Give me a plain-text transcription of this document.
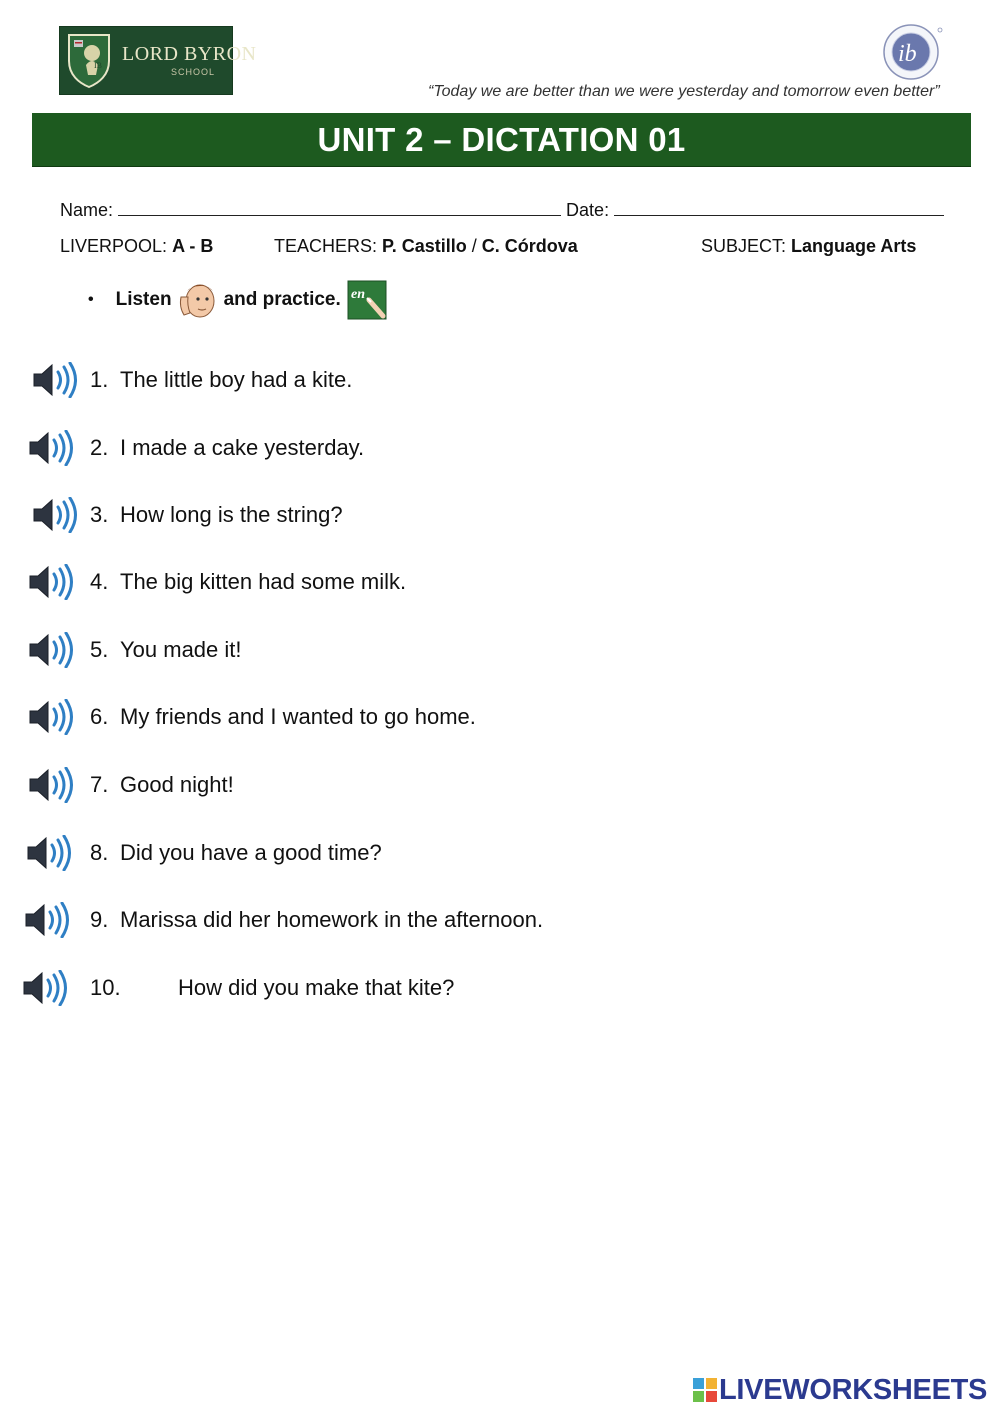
IB
LORD BYRON
SCHOOL
ib
“Today we are better than we were yesterday and tomorrow even better”
UNIT 2 – DICTATION 01
Name:	Date:
LIVERPOOL: A - B	TEACHERS: P. Castillo / C. Córdova	SUBJECT: Language Arts
• Listen	and practice. en
1. The little boy had a kite.
2. I made a cake yesterday.
3. How long is the string?
4. The big kitten had some milk.
5. You made it!
6. My friends and I wanted to go home.
7. Good night!
8. Did you have a good time?
9. Marissa did her homework in the afternoon.
10.	How did you make that kite?
LIVEWORKSHEETS
